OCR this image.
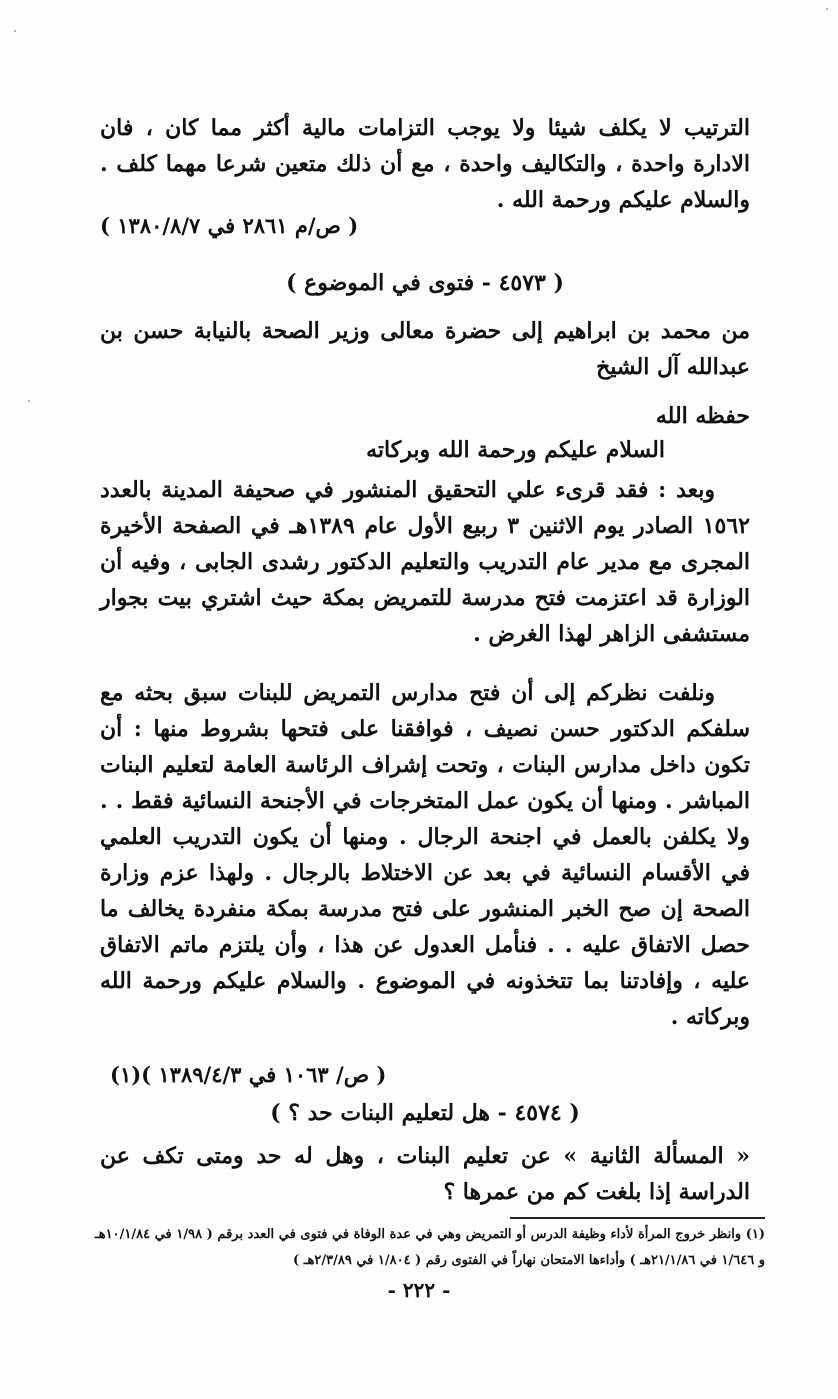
الترتيب لا يكلف شيئا ولا يوجب التزامات مالية أكثر مما كان ، فان الادارة واحدة ، والتكاليف واحدة ، مع أن ذلك متعين شرعا مهما كلف . والسلام عليكم ورحمة الله .

( ص/م ٢٨٦١ في ١٣٨٠/٨/٧ )
( ٤٥٧٣ - فتوى في الموضوع )

من محمد بن ابراهيم إلى حضرة معالى وزير الصحة بالنيابة حسن بن عبدالله آل الشيخ

حفظه الله
السلام عليكم ورحمة الله وبركاته

وبعد : فقد قرىء علي التحقيق المنشور في صحيفة المدينة بالعدد ١٥٦٢ الصادر يوم الاثنين ٣ ربيع الأول عام ١٣٨٩هـ في الصفحة الأخيرة المجرى مع مدير عام التدريب والتعليم الدكتور رشدى الجابى ، وفيه أن الوزارة قد اعتزمت فتح مدرسة للتمريض بمكة حيث اشتري بيت بجوار مستشفى الزاهر لهذا الغرض .

ونلفت نظركم إلى أن فتح مدارس التمريض للبنات سبق بحثه مع سلفكم الدكتور حسن نصيف ، فوافقنا على فتحها بشروط منها : أن تكون داخل مدارس البنات ، وتحت إشراف الرئاسة العامة لتعليم البنات المباشر . ومنها أن يكون عمل المتخرجات في الأجنحة النسائية فقط . . ولا يكلفن بالعمل في اجنحة الرجال . ومنها أن يكون التدريب العلمي في الأقسام النسائية في بعد عن الاختلاط بالرجال . ولهذا عزم وزارة الصحة إن صح الخبر المنشور على فتح مدرسة بمكة منفردة يخالف ما حصل الاتفاق عليه . . فنأمل العدول عن هذا ، وأن يلتزم ماتم الاتفاق عليه ، وإفادتنا بما تتخذونه في الموضوع . والسلام عليكم ورحمة الله وبركاته .

( ص/ ١٠٦٣ في ١٣٨٩/٤/٣ )(١)
( ٤٥٧٤ - هل لتعليم البنات حد ؟ )

« المسألة الثانية » عن تعليم البنات ، وهل له حد ومتى تكف عن الدراسة إذا بلغت كم من عمرها ؟

(١) وانظر خروج المرأة لأداء وظيفة الدرس أو التمريض وهي في عدة الوفاة في فتوى في العدد برقم ( ١/٩٨ في ١٠/١/٨٤هـ و ١/٦٤٦ في ٢١/١/٨٦هـ ) وأداءها الامتحان نهاراً في الفتوى رقم ( ١/٨٠٤ في ٢/٣/٨٩هـ )

- ٢٢٢ -
